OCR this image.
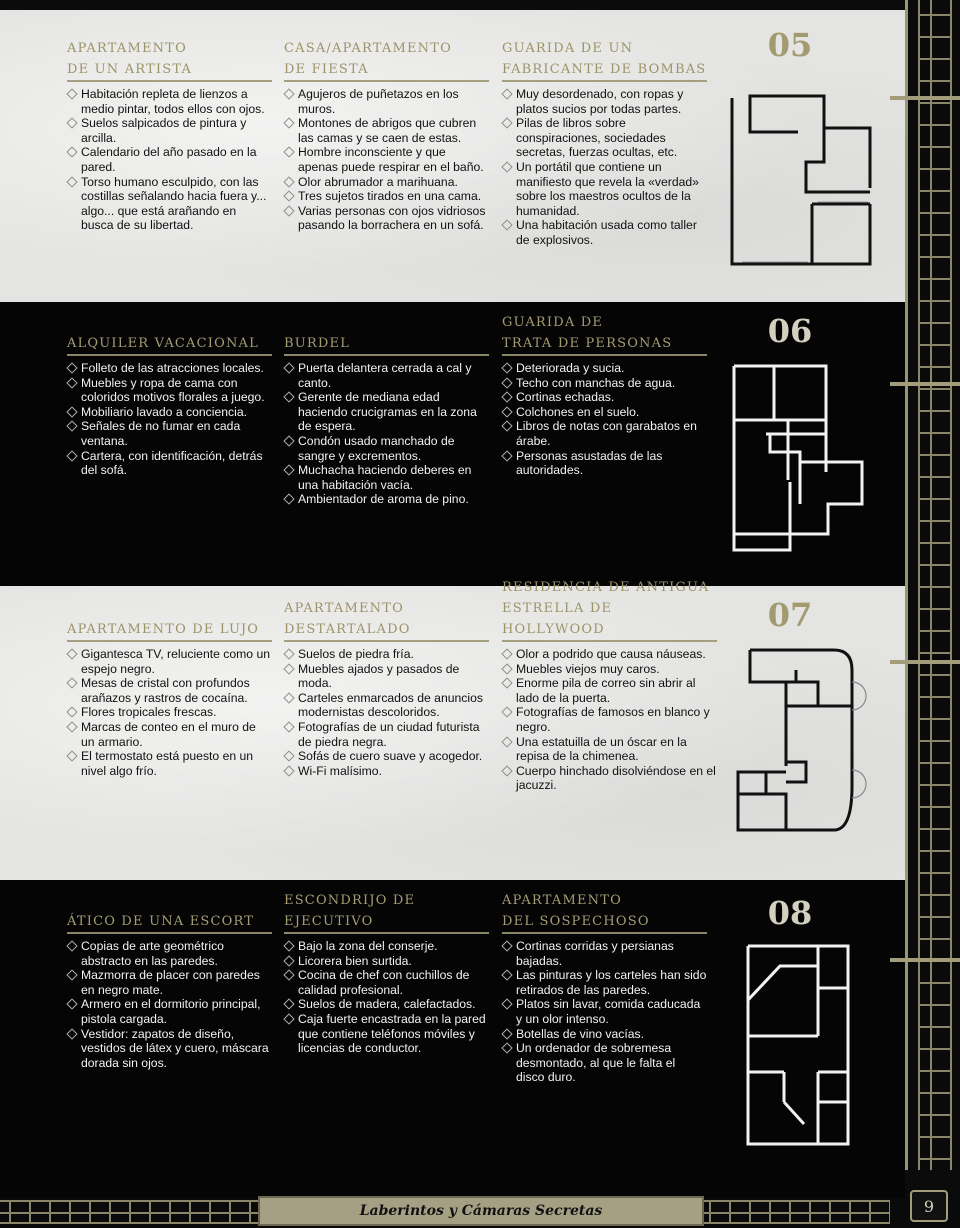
APARTAMENTO
DE UN ARTISTA
Habitación repleta de lienzos a medio pintar, todos ellos con ojos.
Suelos salpicados de pintura y arcilla.
Calendario del año pasado en la pared.
Torso humano esculpido, con las costillas señalando hacia fuera y... algo... que está arañando en busca de su libertad.
CASA/APARTAMENTO
DE FIESTA
Agujeros de puñetazos en los muros.
Montones de abrigos que cubren las camas y se caen de estas.
Hombre inconsciente y que apenas puede respirar en el baño.
Olor abrumador a marihuana.
Tres sujetos tirados en una cama.
Varias personas con ojos vidriosos pasando la borrachera en un sofá.
GUARIDA DE UN
FABRICANTE DE BOMBAS
Muy desordenado, con ropas y platos sucios por todas partes.
Pilas de libros sobre conspiraciones, sociedades secretas, fuerzas ocultas, etc.
Un portátil que contiene un manifiesto que revela la «verdad» sobre los maestros ocultos de la humanidad.
Una habitación usada como taller de explosivos.
05
ALQUILER VACACIONAL
Folleto de las atracciones locales.
Muebles y ropa de cama con coloridos motivos florales a juego.
Mobiliario lavado a conciencia.
Señales de no fumar en cada ventana.
Cartera, con identificación, detrás del sofá.
BURDEL
Puerta delantera cerrada a cal y canto.
Gerente de mediana edad haciendo crucigramas en la zona de espera.
Condón usado manchado de sangre y excrementos.
Muchacha haciendo deberes en una habitación vacía.
Ambientador de aroma de pino.
GUARIDA DE
TRATA DE PERSONAS
Deteriorada y sucia.
Techo con manchas de agua.
Cortinas echadas.
Colchones en el suelo.
Libros de notas con garabatos en árabe.
Personas asustadas de las autoridades.
06
APARTAMENTO DE LUJO
Gigantesca TV, reluciente como un espejo negro.
Mesas de cristal con profundos arañazos y rastros de cocaína.
Flores tropicales frescas.
Marcas de conteo en el muro de un armario.
El termostato está puesto en un nivel algo frío.
APARTAMENTO
DESTARTALADO
Suelos de piedra fría.
Muebles ajados y pasados de moda.
Carteles enmarcados de anuncios modernistas descoloridos.
Fotografías de un ciudad futurista de piedra negra.
Sofás de cuero suave y acogedor.
Wi-Fi malísimo.
RESIDENCIA DE ANTIGUA
ESTRELLA DE HOLLYWOOD
Olor a podrido que causa náuseas.
Muebles viejos muy caros.
Enorme pila de correo sin abrir al lado de la puerta.
Fotografías de famosos en blanco y negro.
Una estatuilla de un óscar en la repisa de la chimenea.
Cuerpo hinchado disolviéndose en el jacuzzi.
07
ÁTICO DE UNA ESCORT
Copias de arte geométrico abstracto en las paredes.
Mazmorra de placer con paredes en negro mate.
Armero en el dormitorio principal, pistola cargada.
Vestidor: zapatos de diseño, vestidos de látex y cuero, máscara dorada sin ojos.
ESCONDRIJO DE EJECUTIVO
Bajo la zona del conserje.
Licorera bien surtida.
Cocina de chef con cuchillos de calidad profesional.
Suelos de madera, calefactados.
Caja fuerte encastrada en la pared que contiene teléfonos móviles y licencias de conductor.
APARTAMENTO
DEL SOSPECHOSO
Cortinas corridas y persianas bajadas.
Las pinturas y los carteles han sido retirados de las paredes.
Platos sin lavar, comida caducada y un olor intenso.
Botellas de vino vacías.
Un ordenador de sobremesa desmontado, al que le falta el disco duro.
08
Laberintos y Cámaras Secretas	9
